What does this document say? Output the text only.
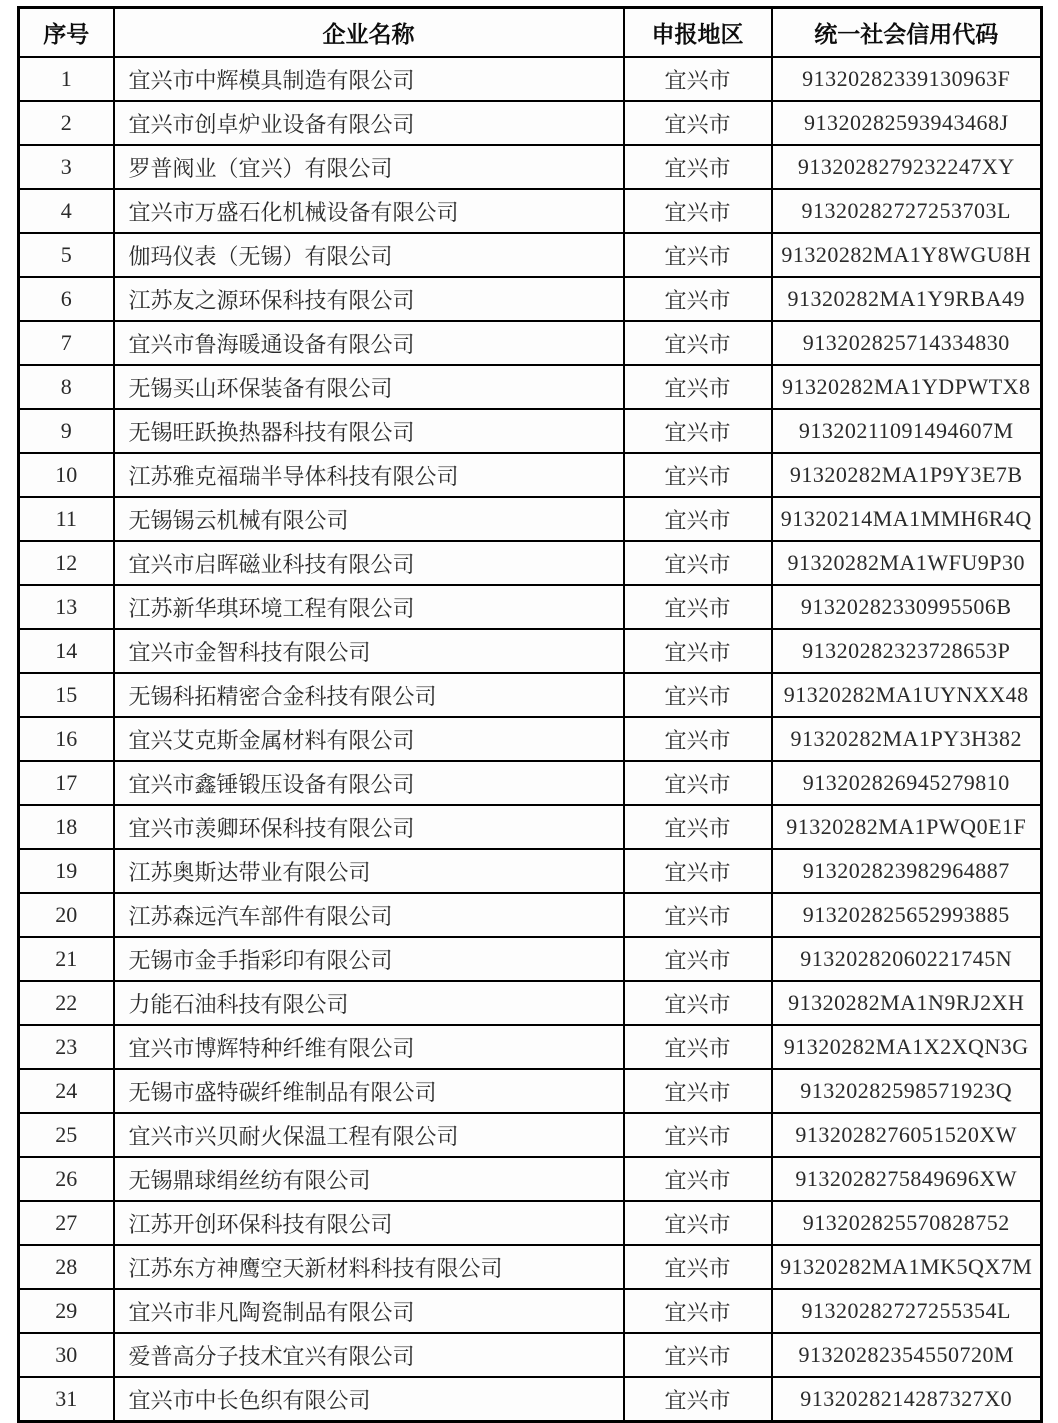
序号	企业名称	申报地区	统一社会信用代码
1	宜兴市中辉模具制造有限公司	宜兴市	91320282339130963F
2	宜兴市创卓炉业设备有限公司	宜兴市	91320282593943468J
3	罗普阀业（宜兴）有限公司	宜兴市	9132028279232247XY
4	宜兴市万盛石化机械设备有限公司	宜兴市	91320282727253703L
5	伽玛仪表（无锡）有限公司	宜兴市	91320282MA1Y8WGU8H
6	江苏友之源环保科技有限公司	宜兴市	91320282MA1Y9RBA49
7	宜兴市鲁海暖通设备有限公司	宜兴市	913202825714334830
8	无锡买山环保装备有限公司	宜兴市	91320282MA1YDPWTX8
9	无锡旺跃换热器科技有限公司	宜兴市	91320211091494607M
10	江苏雅克福瑞半导体科技有限公司	宜兴市	91320282MA1P9Y3E7B
11	无锡锡云机械有限公司	宜兴市	91320214MA1MMH6R4Q
12	宜兴市启晖磁业科技有限公司	宜兴市	91320282MA1WFU9P30
13	江苏新华琪环境工程有限公司	宜兴市	91320282330995506B
14	宜兴市金智科技有限公司	宜兴市	91320282323728653P
15	无锡科拓精密合金科技有限公司	宜兴市	91320282MA1UYNXX48
16	宜兴艾克斯金属材料有限公司	宜兴市	91320282MA1PY3H382
17	宜兴市鑫锤锻压设备有限公司	宜兴市	913202826945279810
18	宜兴市羡卿环保科技有限公司	宜兴市	91320282MA1PWQ0E1F
19	江苏奥斯达带业有限公司	宜兴市	913202823982964887
20	江苏森远汽车部件有限公司	宜兴市	913202825652993885
21	无锡市金手指彩印有限公司	宜兴市	91320282060221745N
22	力能石油科技有限公司	宜兴市	91320282MA1N9RJ2XH
23	宜兴市博辉特种纤维有限公司	宜兴市	91320282MA1X2XQN3G
24	无锡市盛特碳纤维制品有限公司	宜兴市	91320282598571923Q
25	宜兴市兴贝耐火保温工程有限公司	宜兴市	9132028276051520XW
26	无锡鼎球绢丝纺有限公司	宜兴市	9132028275849696XW
27	江苏开创环保科技有限公司	宜兴市	913202825570828752
28	江苏东方神鹰空天新材料科技有限公司	宜兴市	91320282MA1MK5QX7M
29	宜兴市非凡陶瓷制品有限公司	宜兴市	91320282727255354L
30	爱普高分子技术宜兴有限公司	宜兴市	91320282354550720M
31	宜兴市中长色织有限公司	宜兴市	9132028214287327X0
